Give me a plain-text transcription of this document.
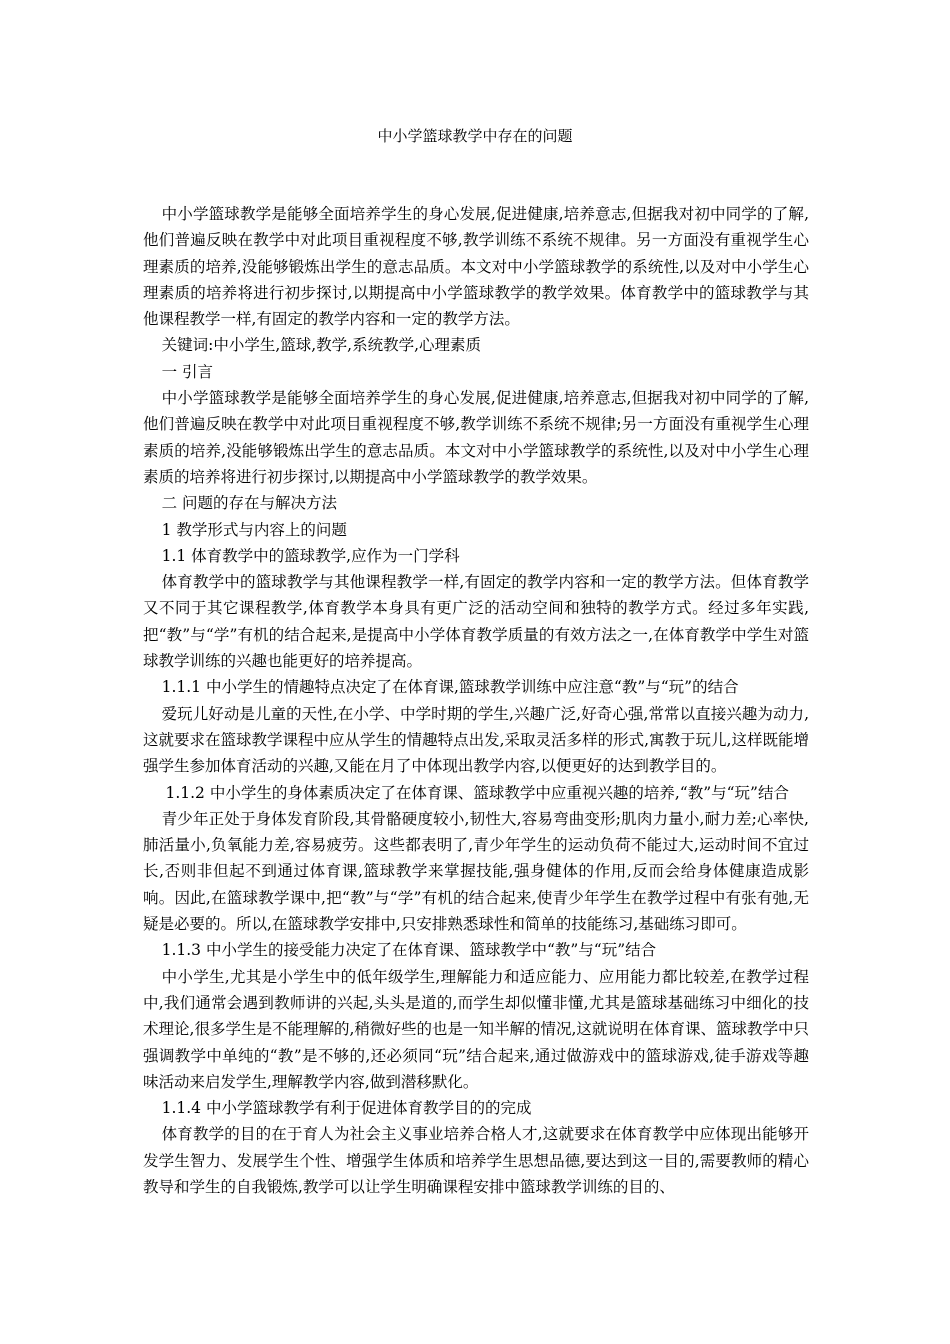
中小学篮球教学中存在的问题

中小学篮球教学是能够全面培养学生的身心发展,促进健康,培养意志,但据我对初中同学的了解,他们普遍反映在教学中对此项目重视程度不够,教学训练不系统不规律。另一方面没有重视学生心理素质的培养,没能够锻炼出学生的意志品质。本文对中小学篮球教学的系统性,以及对中小学生心理素质的培养将进行初步探讨,以期提高中小学篮球教学的教学效果。体育教学中的篮球教学与其他课程教学一样,有固定的教学内容和一定的教学方法。

关键词:中小学生,篮球,教学,系统教学,心理素质

一 引言

中小学篮球教学是能够全面培养学生的身心发展,促进健康,培养意志,但据我对初中同学的了解,他们普遍反映在教学中对此项目重视程度不够,教学训练不系统不规律;另一方面没有重视学生心理素质的培养,没能够锻炼出学生的意志品质。本文对中小学篮球教学的系统性,以及对中小学生心理素质的培养将进行初步探讨,以期提高中小学篮球教学的教学效果。

二 问题的存在与解决方法

1 教学形式与内容上的问题

1.1 体育教学中的篮球教学,应作为一门学科

体育教学中的篮球教学与其他课程教学一样,有固定的教学内容和一定的教学方法。但体育教学又不同于其它课程教学,体育教学本身具有更广泛的活动空间和独特的教学方式。经过多年实践,把“教”与“学”有机的结合起来,是提高中小学体育教学质量的有效方法之一,在体育教学中学生对篮球教学训练的兴趣也能更好的培养提高。

1.1.1 中小学生的情趣特点决定了在体育课,篮球教学训练中应注意“教”与“玩”的结合

爱玩儿好动是儿童的天性,在小学、中学时期的学生,兴趣广泛,好奇心强,常常以直接兴趣为动力,这就要求在篮球教学课程中应从学生的情趣特点出发,采取灵活多样的形式,寓教于玩儿,这样既能增强学生参加体育活动的兴趣,又能在月了中体现出教学内容,以便更好的达到教学目的。

1.1.2 中小学生的身体素质决定了在体育课、篮球教学中应重视兴趣的培养,“教”与“玩”结合

青少年正处于身体发育阶段,其骨骼硬度较小,韧性大,容易弯曲变形;肌肉力量小,耐力差;心率快,肺活量小,负氧能力差,容易疲劳。这些都表明了,青少年学生的运动负荷不能过大,运动时间不宜过长,否则非但起不到通过体育课,篮球教学来掌握技能,强身健体的作用,反而会给身体健康造成影响。因此,在篮球教学课中,把“教”与“学”有机的结合起来,使青少年学生在教学过程中有张有弛,无疑是必要的。所以,在篮球教学安排中,只安排熟悉球性和简单的技能练习,基础练习即可。

1.1.3 中小学生的接受能力决定了在体育课、篮球教学中“教”与“玩”结合

中小学生,尤其是小学生中的低年级学生,理解能力和适应能力、应用能力都比较差,在教学过程中,我们通常会遇到教师讲的兴起,头头是道的,而学生却似懂非懂,尤其是篮球基础练习中细化的技术理论,很多学生是不能理解的,稍微好些的也是一知半解的情况,这就说明在体育课、篮球教学中只强调教学中单纯的“教”是不够的,还必须同“玩”结合起来,通过做游戏中的篮球游戏,徒手游戏等趣味活动来启发学生,理解教学内容,做到潜移默化。

1.1.4 中小学篮球教学有利于促进体育教学目的的完成

体育教学的目的在于育人为社会主义事业培养合格人才,这就要求在体育教学中应体现出能够开发学生智力、发展学生个性、增强学生体质和培养学生思想品德,要达到这一目的,需要教师的精心教导和学生的自我锻炼,教学可以让学生明确课程安排中篮球教学训练的目的、
